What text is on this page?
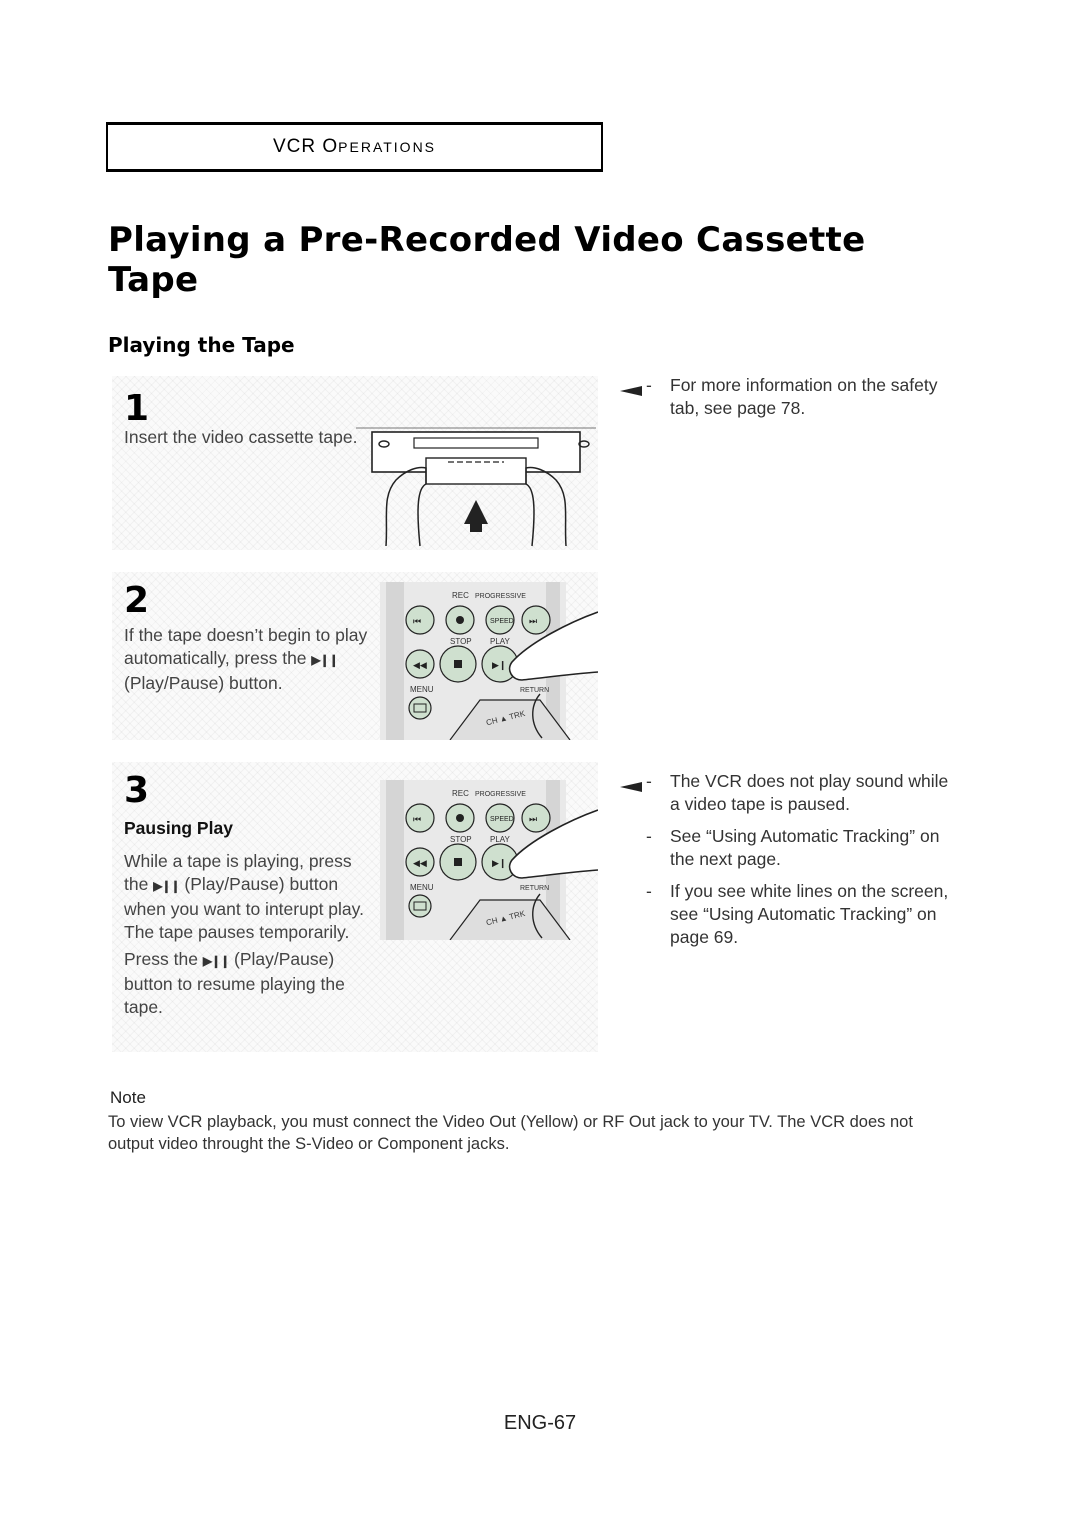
VCR OPERATIONS
Playing a Pre-Recorded Video Cassette
Tape
Playing the Tape
1
Insert the video cassette tape.
2
If the tape doesn’t begin to play
automatically, press the ▶❙❙
(Play/Pause) button.
REC PROGRESSIVE
⏮	SPEED ⏭
STOP PLAY
◀◀	▶❙
MENU	RETURN
CH ▲ TRK
3
Pausing Play
While a tape is playing, press
the ▶❙❙ (Play/Pause) button
when you want to interupt play.
The tape pauses temporarily.
Press the ▶❙❙ (Play/Pause)
button to resume playing the
tape.
REC PROGRESSIVE
⏮	SPEED ⏭
STOP PLAY
◀◀	▶❙
MENU	RETURN
CH ▲ TRK
-	For more information on the safety
tab, see page 78.
-	The VCR does not play sound while
a video tape is paused.
-	See “Using Automatic Tracking” on
the next page.
-	If you see white lines on the screen,
see “Using Automatic Tracking” on
page 69.
Note
To view VCR playback, you must connect the Video Out (Yellow) or RF Out jack to your TV. The VCR does not
output video throught the S-Video or Component jacks.
ENG-67
